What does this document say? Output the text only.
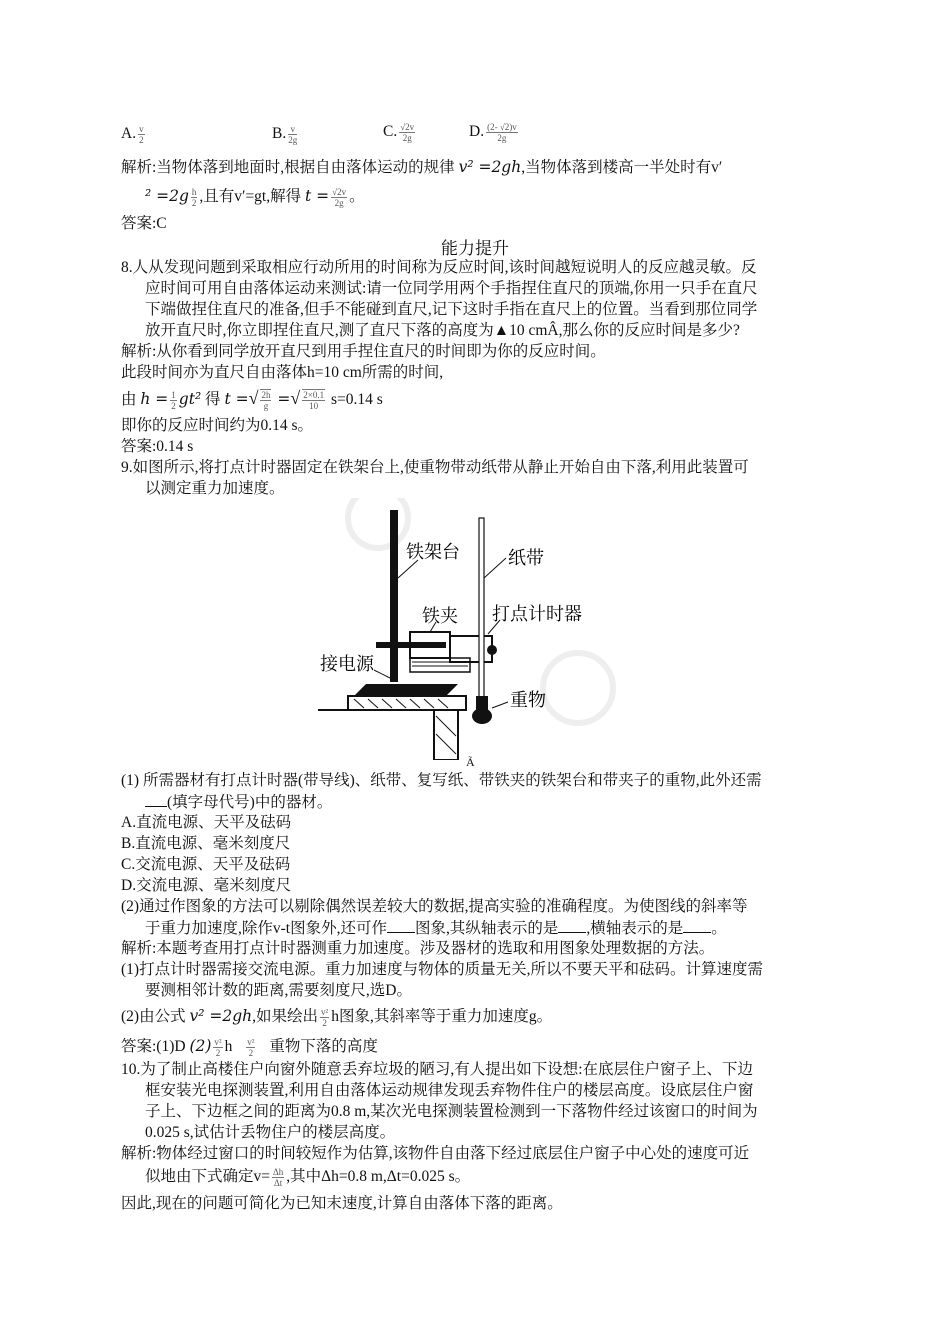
A. $\frac{v}{2}$	B. $\frac{v}{2g}$	C. $\frac{√2v}{2g}$	D. $\frac{(2- √2)v}{2g}$
解析:当物体落到地面时,根据自由落体运动的规律 v² =2gh,当物体落到楼高一半处时有v′
$^2 =2g \frac{h}{2}$ ,且有v′=gt,解得 $t = \frac{√2v}{2g}$ 。
答案:C
能力提升
8.人从发现问题到采取相应行动所用的时间称为反应时间,该时间越短说明人的反应越灵敏。反
应时间可用自由落体运动来测试:请一位同学用两个手指捏住直尺的顶端,你用一只手在直尺
下端做捏住直尺的准备,但手不能碰到直尺,记下这时手指在直尺上的位置。当看到那位同学
放开直尺时,你立即捏住直尺,测了直尺下落的高度为▲10 cmÂ,那么你的反应时间是多少?
解析:从你看到同学放开直尺到用手捏住直尺的时间即为你的反应时间。
此段时间亦为直尺自由落体h=10 cm所需的时间,
由 $h = \frac{1}{2} gt^2$ 得 t =√ $\frac{2h}{g}$ =√ $\frac{2\times 0.1}{10} s=0.14$ s
即你的反应时间约为0.14 s。
答案:0.14 s
9.如图所示,将打点计时器固定在铁架台上,使重物带动纸带从静止开始自由下落,利用此装置可
以测定重力加速度。
铁架台	纸带
铁夹 打点计时器
接电源
重物
Ã
(1) 所需器材有打点计时器(带导线)、纸带、复写纸、带铁夹的铁架台和带夹子的重物,此外还需
(填字母代号)中的器材。
A.直流电源、天平及砝码
B.直流电源、毫米刻度尺
C.交流电源、天平及砝码
D.交流电源、毫米刻度尺
(2)通过作图象的方法可以剔除偶然误差较大的数据,提高实验的准确程度。为使图线的斜率等
于重力加速度,除作v-t图象外,还可作 图象,其纵轴表示的是 ,横轴表示的是 。
解析:本题考查用打点计时器测重力加速度。涉及器材的选取和用图象处理数据的方法。
(1)打点计时器需接交流电源。重力加速度与物体的质量无关,所以不要天平和砝码。计算速度需
要测相邻计数的距离,需要刻度尺,选D。
(2)由公式 v² =2gh,如果绘出 $\frac{\text{v²}}{2}$ h图象,其斜率等于重力加速度g。
答案:(1)D $(2) \frac{\text{v²}}{2}$ h $\frac{\text{v²}}{2}$ 重物下落的高度
10.为了制止高楼住户向窗外随意丢弃垃圾的陋习,有人提出如下设想:在底层住户窗子上、下边
框安装光电探测装置,利用自由落体运动规律发现丢弃物件住户的楼层高度。设底层住户窗
子上、下边框之间的距离为0.8 m,某次光电探测装置检测到一下落物件经过该窗口的时间为
0.025 s,试估计丢物住户的楼层高度。
解析:物体经过窗口的时间较短作为估算,该物件自由落下经过底层住户窗子中心处的速度可近
似地由下式确定$v= \frac{\Delta h}{\Delta t}$ ,其中Δh=0.8 m,Δt=0.025 s。
因此,现在的问题可简化为已知末速度,计算自由落体下落的距离。
